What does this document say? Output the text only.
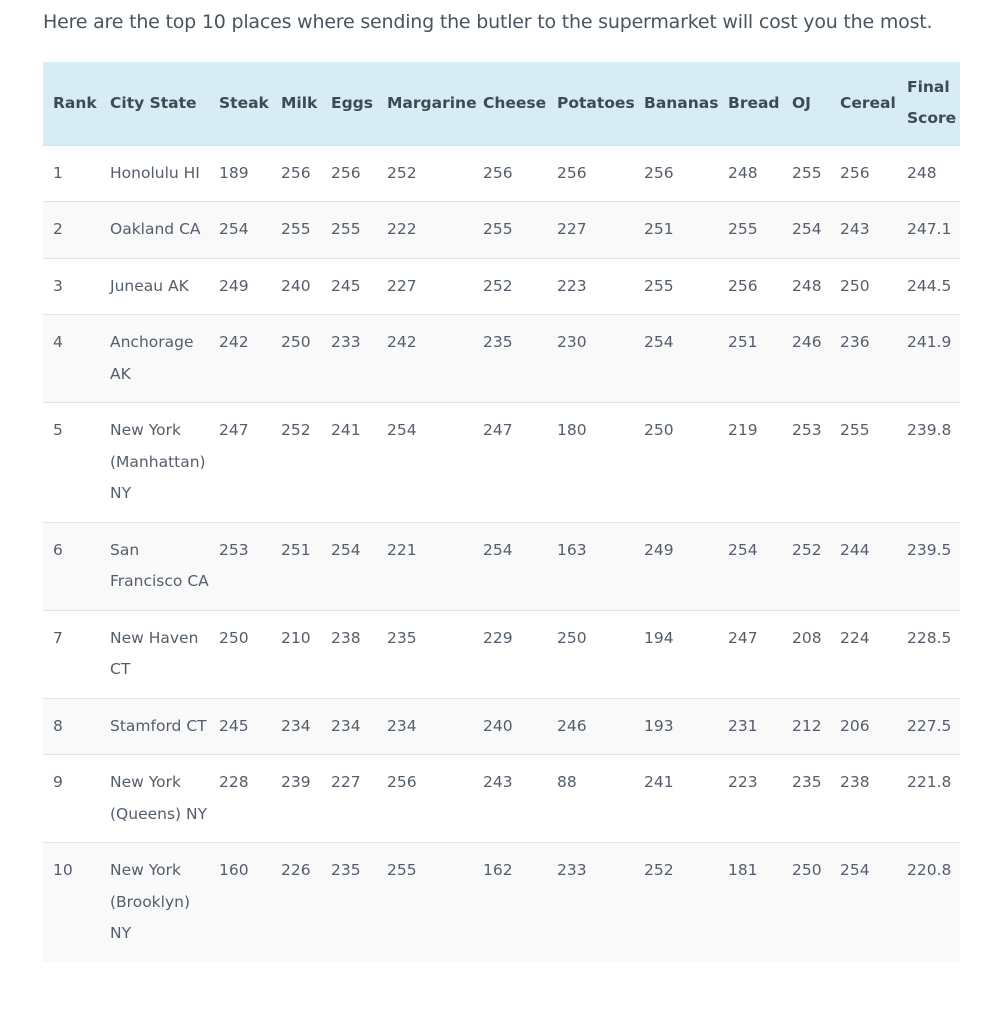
Here are the top 10 places where sending the butler to the supermarket will cost you the most.

Rank	City State	Steak	Milk	Eggs	Margarine	Cheese	Potatoes	Bananas	Bread	OJ	Cereal	Final Score
1	Honolulu HI	189	256	256	252	256	256	256	248	255	256	248
2	Oakland CA	254	255	255	222	255	227	251	255	254	243	247.1
3	Juneau AK	249	240	245	227	252	223	255	256	248	250	244.5
4	Anchorage AK	242	250	233	242	235	230	254	251	246	236	241.9
5	New York (Manhattan) NY	247	252	241	254	247	180	250	219	253	255	239.8
6	San Francisco CA	253	251	254	221	254	163	249	254	252	244	239.5
7	New Haven CT	250	210	238	235	229	250	194	247	208	224	228.5
8	Stamford CT	245	234	234	234	240	246	193	231	212	206	227.5
9	New York (Queens) NY	228	239	227	256	243	88	241	223	235	238	221.8
10	New York (Brooklyn) NY	160	226	235	255	162	233	252	181	250	254	220.8
